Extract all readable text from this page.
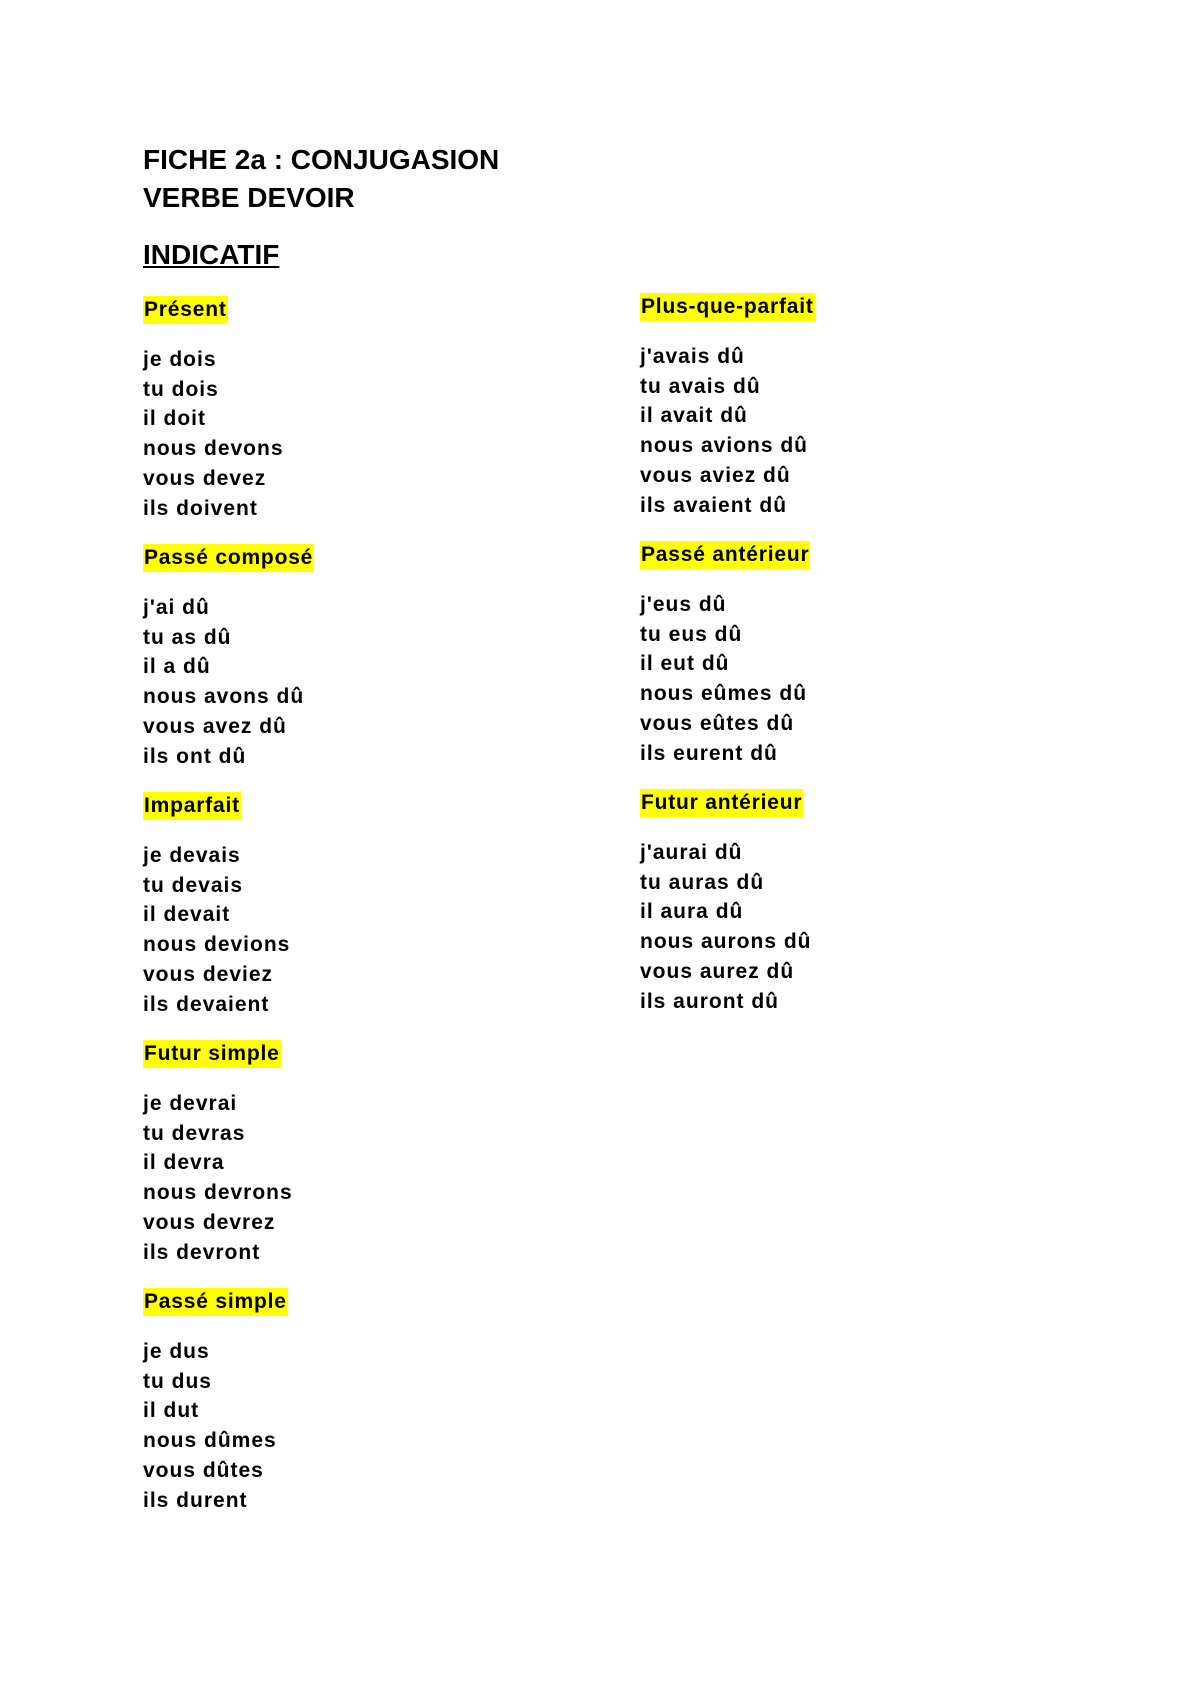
FICHE 2a : CONJUGASION
VERBE DEVOIR
INDICATIF
Présent
je dois
tu dois
il doit
nous devons
vous devez
ils doivent
Passé composé
j'ai dû
tu as dû
il a dû
nous avons dû
vous avez dû
ils ont dû
Imparfait
je devais
tu devais
il devait
nous devions
vous deviez
ils devaient
Futur simple
je devrai
tu devras
il devra
nous devrons
vous devrez
ils devront
Passé simple
je dus
tu dus
il dut
nous dûmes
vous dûtes
ils durent
Plus-que-parfait
j'avais dû
tu avais dû
il avait dû
nous avions dû
vous aviez dû
ils avaient dû
Passé antérieur
j'eus dû
tu eus dû
il eut dû
nous eûmes dû
vous eûtes dû
ils eurent dû
Futur antérieur
j'aurai dû
tu auras dû
il aura dû
nous aurons dû
vous aurez dû
ils auront dû
